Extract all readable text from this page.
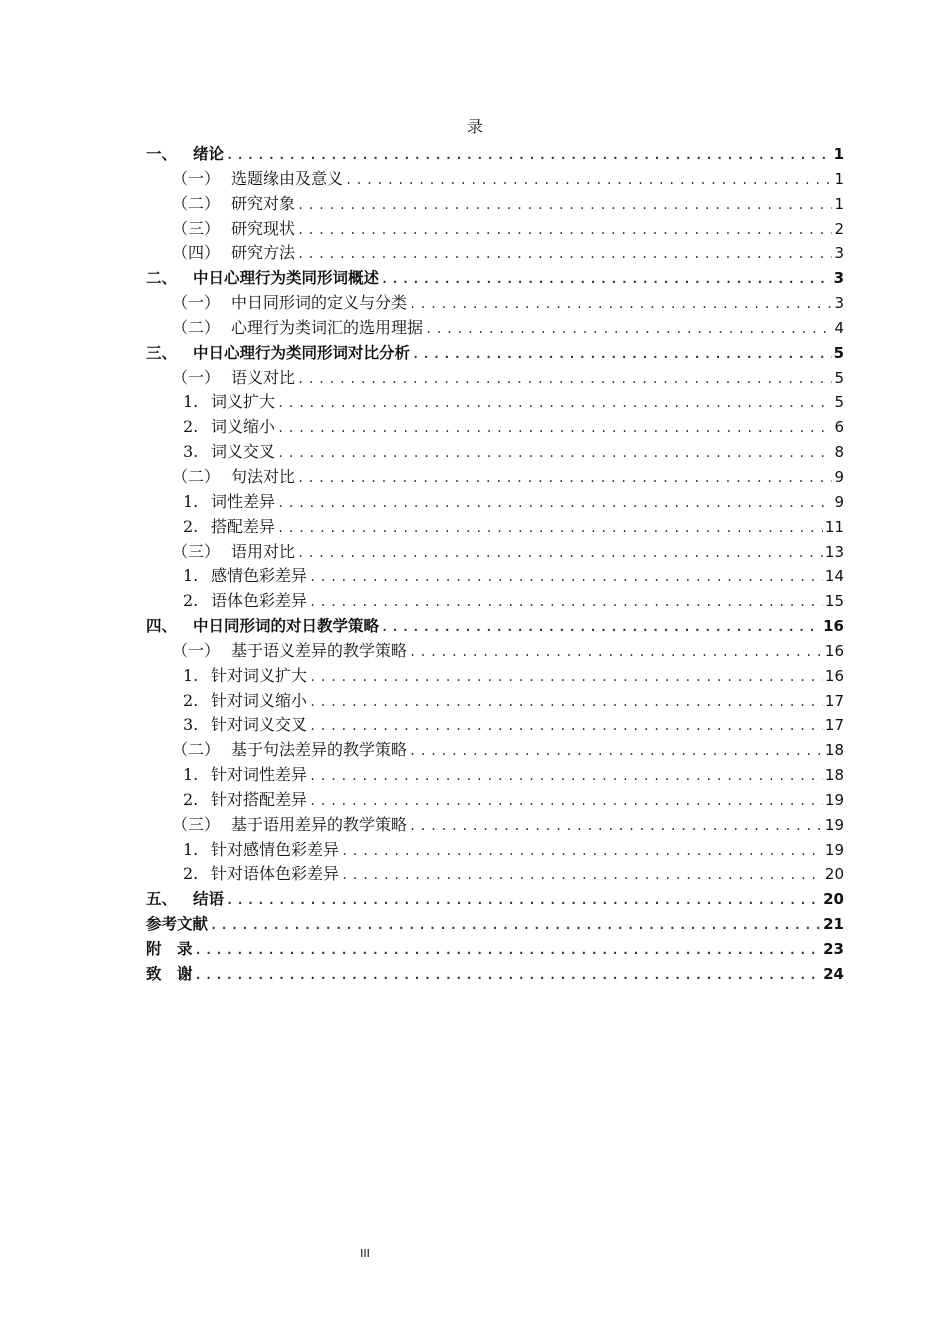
录
一、	绪论 .....	1
（一） 选题缘由及意义 .....	1
（二） 研究对象 .....	1
（三） 研究现状 .....	2
（四） 研究方法 .....	3
二、	中日心理行为类同形词概述 .....	3
（一） 中日同形词的定义与分类 .....	3
（二） 心理行为类词汇的选用理据 .....	4
三、	中日心理行为类同形词对比分析 .....	5
（一） 语义对比 .....	5
1. 词义扩大 .....	5
2. 词义缩小 .....	6
3. 词义交叉 .....	8
（二） 句法对比 .....	9
1. 词性差异 .....	9
2. 搭配差异 .....	11
（三） 语用对比 .....	13
1. 感情色彩差异 .....	14
2. 语体色彩差异 .....	15
四、	中日同形词的对日教学策略 .....	16
（一） 基于语义差异的教学策略 .....	16
1. 针对词义扩大 .....	16
2. 针对词义缩小 .....	17
3. 针对词义交叉 .....	17
（二） 基于句法差异的教学策略 .....	18
1. 针对词性差异 .....	18
2. 针对搭配差异 .....	19
（三） 基于语用差异的教学策略 .....	19
1. 针对感情色彩差异 .....	19
2. 针对语体色彩差异 .....	20
五、	结语 .....	20
参考文献 .....	21
附　录 .....	23
致　谢 .....	24
III
